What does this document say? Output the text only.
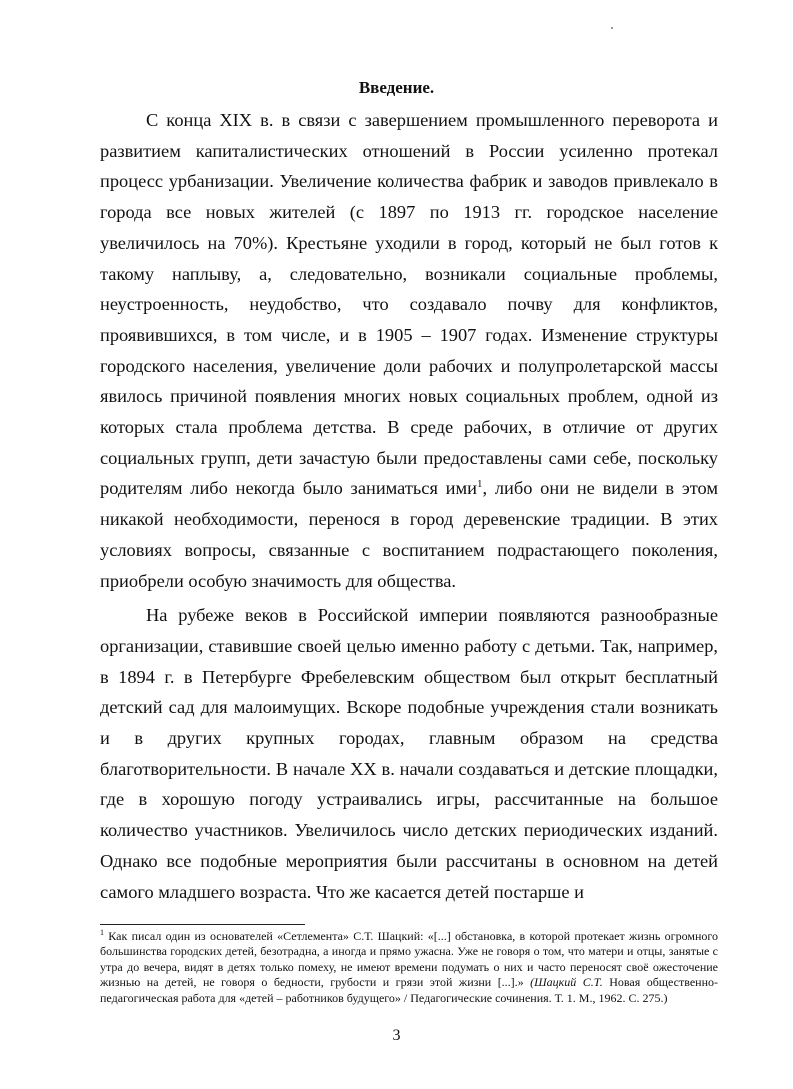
Введение.

С конца XIX в. в связи с завершением промышленного переворота и развитием капиталистических отношений в России усиленно протекал процесс урбанизации. Увеличение количества фабрик и заводов привлекало в города все новых жителей (с 1897 по 1913 гг. городское население увеличилось на 70%). Крестьяне уходили в город, который не был готов к такому наплыву, а, следовательно, возникали социальные проблемы, неустроенность, неудобство, что создавало почву для конфликтов, проявившихся, в том числе, и в 1905 – 1907 годах. Изменение структуры городского населения, увеличение доли рабочих и полупролетарской массы явилось причиной появления многих новых социальных проблем, одной из которых стала проблема детства. В среде рабочих, в отличие от других социальных групп, дети зачастую были предоставлены сами себе, поскольку родителям либо некогда было заниматься ими$^1$, либо они не видели в этом никакой необходимости, перенося в город деревенские традиции. В этих условиях вопросы, связанные с воспитанием подрастающего поколения, приобрели особую значимость для общества.

На рубеже веков в Российской империи появляются разнообразные организации, ставившие своей целью именно работу с детьми. Так, например, в 1894 г. в Петербурге Фребелевским обществом был открыт бесплатный детский сад для малоимущих. Вскоре подобные учреждения стали возникать и в других крупных городах, главным образом на средства благотворительности. В начале XX в. начали создаваться и детские площадки, где в хорошую погоду устраивались игры, рассчитанные на большое количество участников. Увеличилось число детских периодических изданий. Однако все подобные мероприятия были рассчитаны в основном на детей самого младшего возраста. Что же касается детей постарше и

$^1$ Как писал один из основателей «Сетлемента» С.Т. Шацкий: «[...] обстановка, в которой протекает жизнь огромного большинства городских детей, безотрадна, а иногда и прямо ужасна. Уже не говоря о том, что матери и отцы, занятые с утра до вечера, видят в детях только помеху, не имеют времени подумать о них и часто переносят своё ожесточение жизнью на детей, не говоря о бедности, грубости и грязи этой жизни [...].» (Шацкий С.Т. Новая общественно-педагогическая работа для «детей – работников будущего» / Педагогические сочинения. Т. 1. М., 1962. С. 275.)
3
